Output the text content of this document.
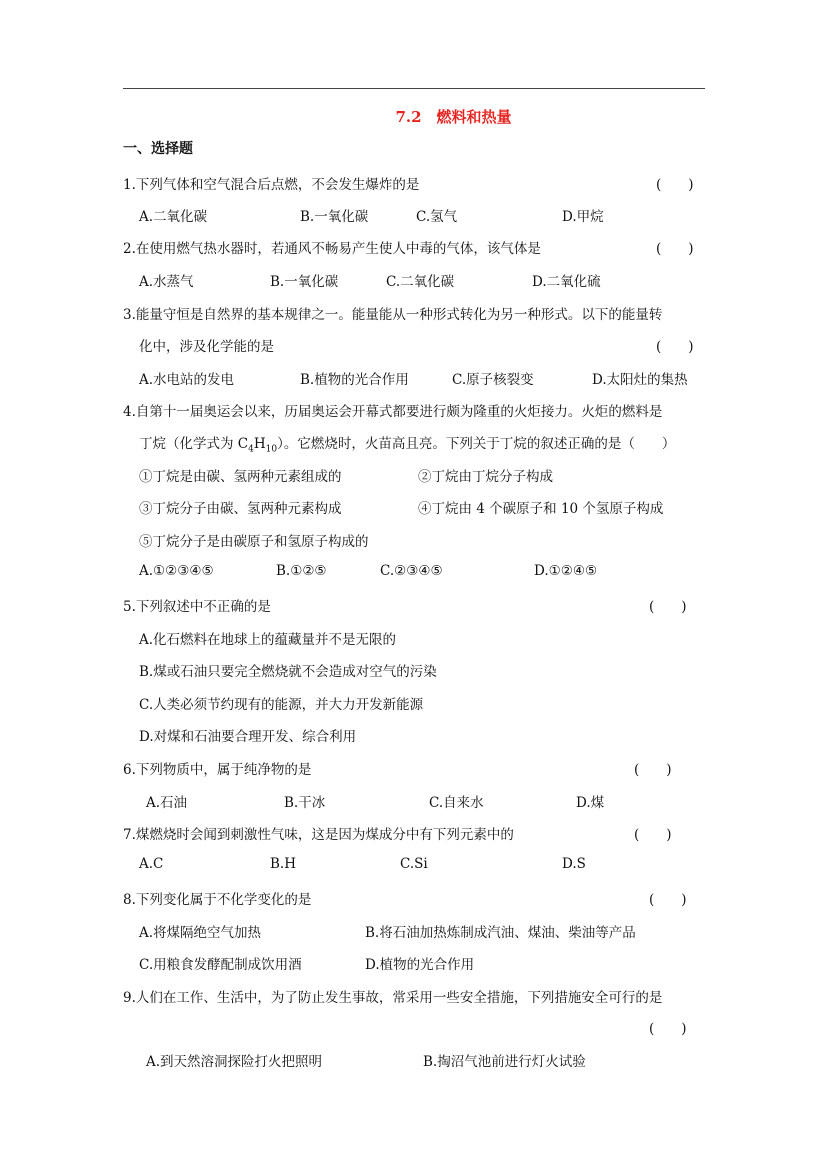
7.2　燃料和热量
一、选择题
1.下列气体和空气混合后点燃，不会发生爆炸的是	(　　)
A.二氧化碳	B.一氧化碳	C.氢气	D.甲烷
2.在使用燃气热水器时，若通风不畅易产生使人中毒的气体，该气体是	(　　)
A.水蒸气	B.一氧化碳	C.二氧化碳	D.二氧化硫
3.能量守恒是自然界的基本规律之一。能量能从一种形式转化为另一种形式。以下的能量转
化中，涉及化学能的是	(　　)
A.水电站的发电	B.植物的光合作用	C.原子核裂变	D.太阳灶的集热
4.自第十一届奥运会以来，历届奥运会开幕式都要进行颇为隆重的火炬接力。火炬的燃料是
丁烷（化学式为 $C_4H_{10}$）。它燃烧时，火苗高且亮。下列关于丁烷的叙述正确的是（　　）
①丁烷是由碳、氢两种元素组成的	②丁烷由丁烷分子构成
③丁烷分子由碳、氢两种元素构成	④丁烷由 4 个碳原子和 10 个氢原子构成
⑤丁烷分子是由碳原子和氢原子构成的
A.①②③④⑤	B.①②⑤	C.②③④⑤	D.①②④⑤
5.下列叙述中不正确的是	(　　)
A.化石燃料在地球上的蕴藏量并不是无限的
B.煤或石油只要完全燃烧就不会造成对空气的污染
C.人类必须节约现有的能源，并大力开发新能源
D.对煤和石油要合理开发、综合利用
6.下列物质中，属于纯净物的是	(　　)
A.石油	B.干冰	C.自来水	D.煤
7.煤燃烧时会闻到刺激性气味，这是因为煤成分中有下列元素中的	(　　)
A.C	B.H	C.Si	D.S
8.下列变化属于不化学变化的是	(　　)
A.将煤隔绝空气加热	B.将石油加热炼制成汽油、煤油、柴油等产品
C.用粮食发酵配制成饮用酒	D.植物的光合作用
9.人们在工作、生活中，为了防止发生事故，常采用一些安全措施，下列措施安全可行的是
(　　)
A.到天然溶洞探险打火把照明	B.掏沼气池前进行灯火试验
